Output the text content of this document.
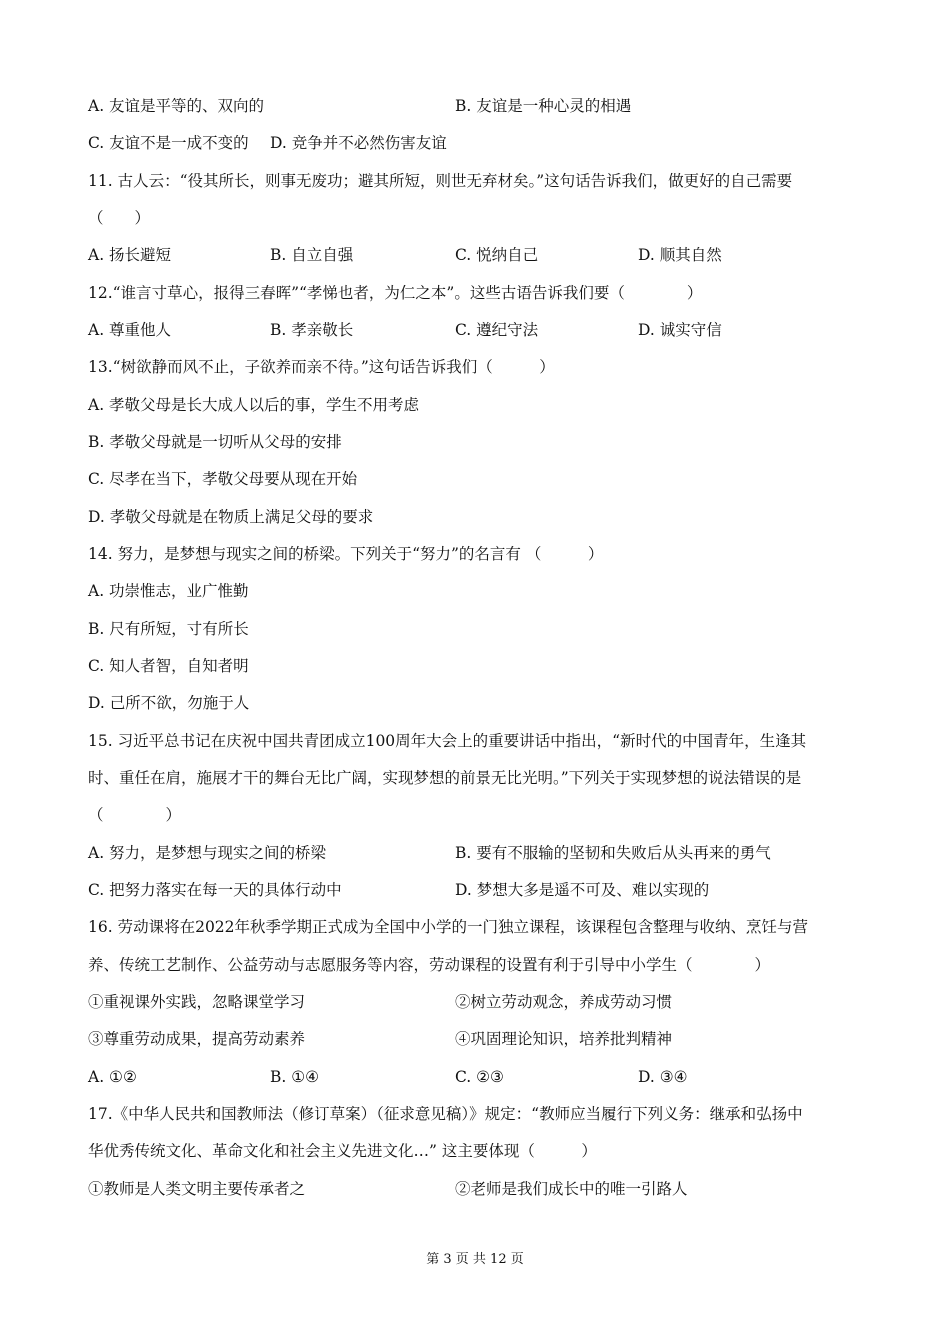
A. 友谊是平等的、双向的	B. 友谊是一种心灵的相遇
C. 友谊不是一成不变的 D. 竞争并不必然伤害友谊
11. 古人云：“役其所长，则事无废功；避其所短，则世无弃材矣。”这句话告诉我们，做更好的自己需要
（　　）
A. 扬长避短	B. 自立自强	C. 悦纳自己	D. 顺其自然
12.“谁言寸草心，报得三春晖”“孝悌也者，为仁之本”。这些古语告诉我们要（　　　　）
A. 尊重他人	B. 孝亲敬长	C. 遵纪守法	D. 诚实守信
13.“树欲静而风不止，子欲养而亲不待。”这句话告诉我们（　　　）
A. 孝敬父母是长大成人以后的事，学生不用考虑
B. 孝敬父母就是一切听从父母的安排
C. 尽孝在当下，孝敬父母要从现在开始
D. 孝敬父母就是在物质上满足父母的要求
14. 努力，是梦想与现实之间的桥梁。下列关于“努力”的名言有 （　　　）
A. 功崇惟志，业广惟勤
B. 尺有所短，寸有所长
C. 知人者智，自知者明
D. 己所不欲，勿施于人
15. 习近平总书记在庆祝中国共青团成立100周年大会上的重要讲话中指出，“新时代的中国青年，生逢其
时、重任在肩，施展才干的舞台无比广阔，实现梦想的前景无比光明。”下列关于实现梦想的说法错误的是
（　　　　）
A. 努力，是梦想与现实之间的桥梁	B. 要有不服输的坚韧和失败后从头再来的勇气
C. 把努力落实在每一天的具体行动中	D. 梦想大多是遥不可及、难以实现的
16. 劳动课将在2022年秋季学期正式成为全国中小学的一门独立课程，该课程包含整理与收纳、烹饪与营
养、传统工艺制作、公益劳动与志愿服务等内容，劳动课程的设置有利于引导中小学生（　　　　）
①重视课外实践，忽略课堂学习	②树立劳动观念，养成劳动习惯
③尊重劳动成果，提高劳动素养	④巩固理论知识，培养批判精神
A. ①②	B. ①④	C. ②③	D. ③④
17.《中华人民共和国教师法（修订草案）（征求意见稿）》规定：“教师应当履行下列义务：继承和弘扬中
华优秀传统文化、革命文化和社会主义先进文化…” 这主要体现（　　　）
①教师是人类文明主要传承者之	②老师是我们成长中的唯一引路人
第 3 页 共 12 页
